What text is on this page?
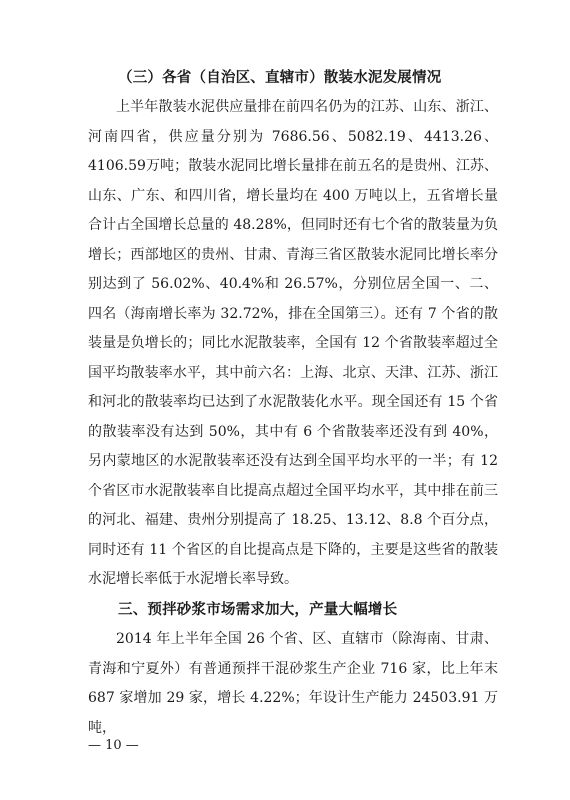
（三）各省（自治区、直辖市）散装水泥发展情况

上半年散装水泥供应量排在前四名仍为的江苏、山东、浙江、河南四省，供应量分别为 7686.56、5082.19、4413.26、4106.59万吨；散装水泥同比增长量排在前五名的是贵州、江苏、山东、广东、和四川省，增长量均在 400 万吨以上，五省增长量合计占全国增长总量的 48.28%，但同时还有七个省的散装量为负增长；西部地区的贵州、甘肃、青海三省区散装水泥同比增长率分别达到了 56.02%、40.4%和 26.57%，分别位居全国一、二、四名（海南增长率为 32.72%，排在全国第三）。还有 7 个省的散装量是负增长的；同比水泥散装率，全国有 12 个省散装率超过全国平均散装率水平，其中前六名：上海、北京、天津、江苏、浙江和河北的散装率均已达到了水泥散装化水平。现全国还有 15 个省的散装率没有达到 50%，其中有 6 个省散装率还没有到 40%，另内蒙地区的水泥散装率还没有达到全国平均水平的一半；有 12 个省区市水泥散装率自比提高点超过全国平均水平，其中排在前三的河北、福建、贵州分别提高了 18.25、13.12、8.8 个百分点，同时还有 11 个省区的自比提高点是下降的，主要是这些省的散装水泥增长率低于水泥增长率导致。

三、预拌砂浆市场需求加大，产量大幅增长

2014 年上半年全国 26 个省、区、直辖市（除海南、甘肃、青海和宁夏外）有普通预拌干混砂浆生产企业 716 家，比上年末 687 家增加 29 家，增长 4.22%；年设计生产能力 24503.91 万吨，

— 10 —
